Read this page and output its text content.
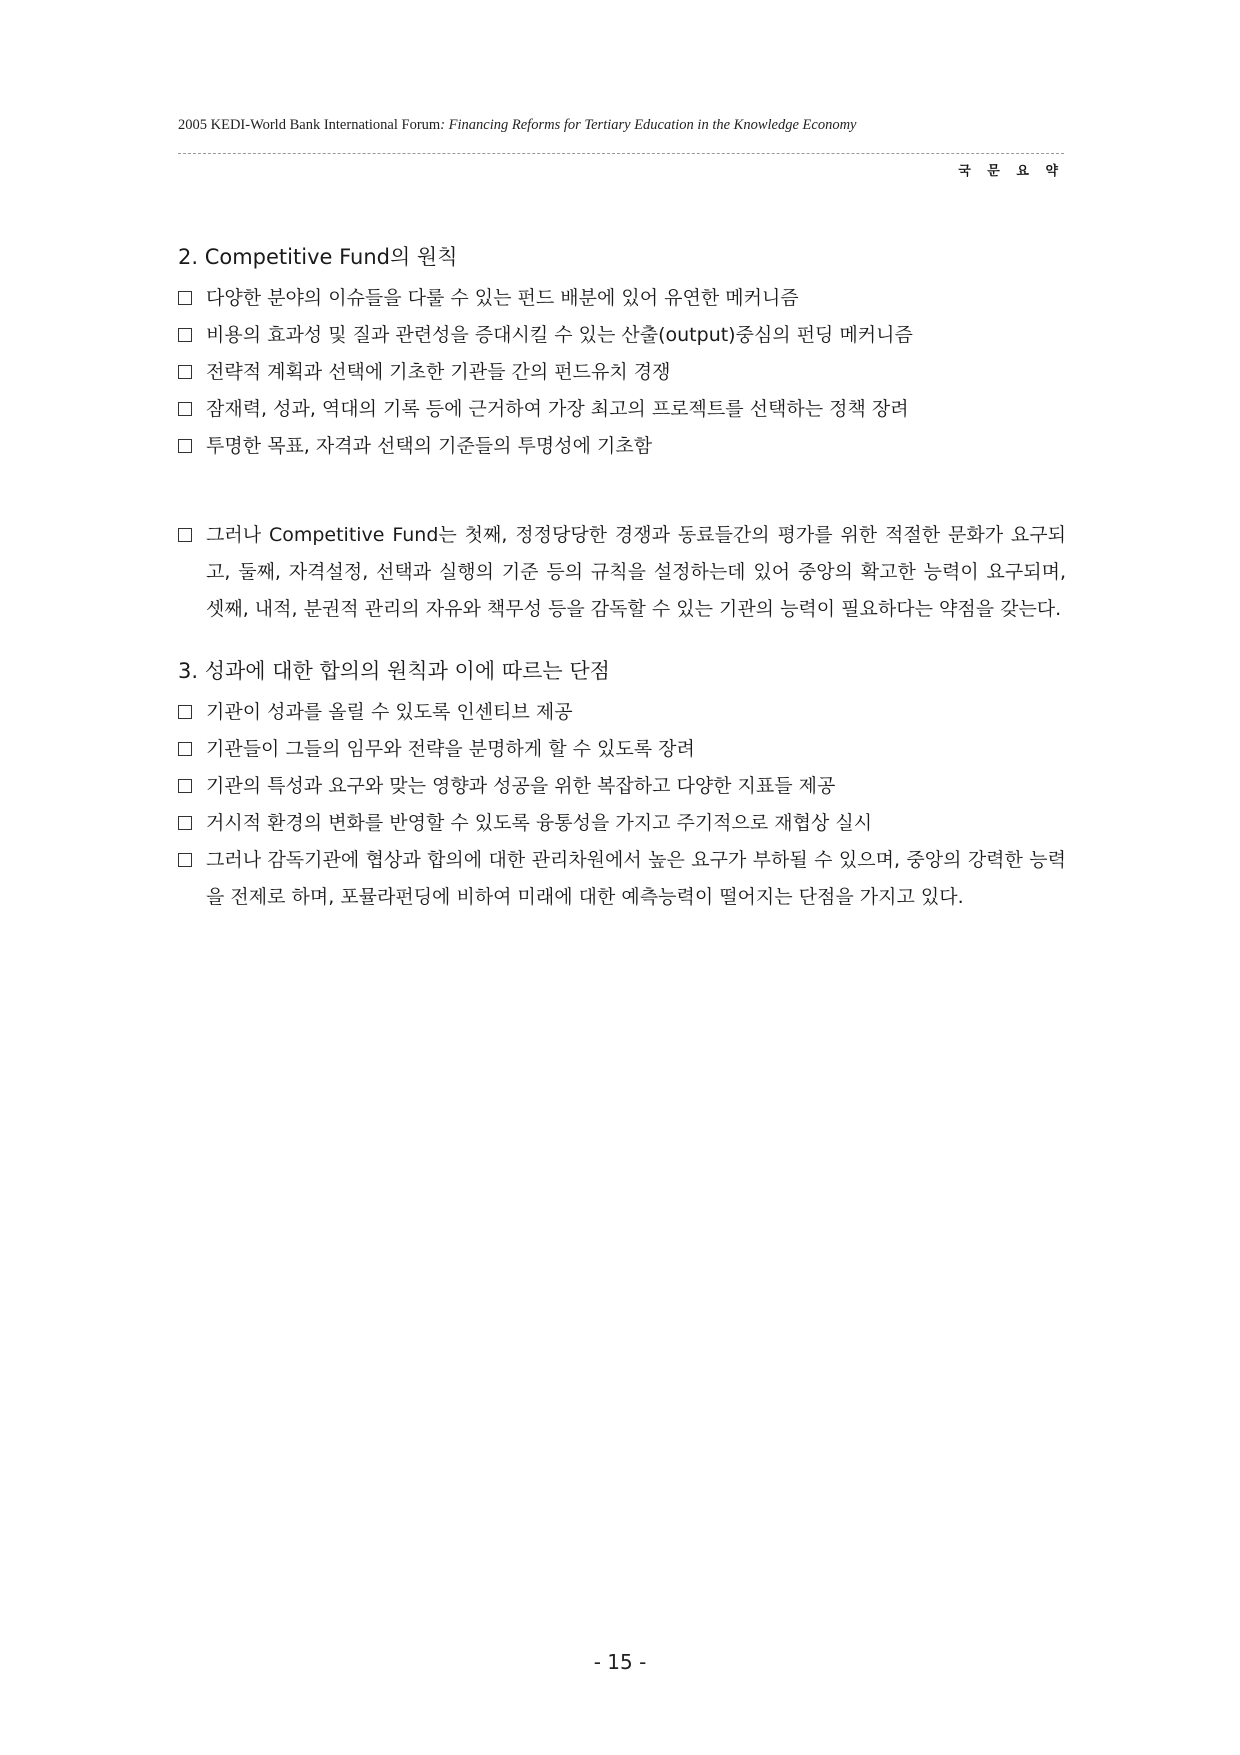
2005 KEDI-World Bank International Forum: Financing Reforms for Tertiary Education in the Knowledge Economy
국 문 요 약
2. Competitive Fund의 원칙
다양한 분야의 이슈들을 다룰 수 있는 펀드 배분에 있어 유연한 메커니즘
비용의 효과성 및 질과 관련성을 증대시킬 수 있는 산출(output)중심의 펀딩 메커니즘
전략적 계획과 선택에 기초한 기관들 간의 펀드유치 경쟁
잠재력, 성과, 역대의 기록 등에 근거하여 가장 최고의 프로젝트를 선택하는 정책 장려
투명한 목표, 자격과 선택의 기준들의 투명성에 기초함
그러나 Competitive Fund는 첫째, 정정당당한 경쟁과 동료들간의 평가를 위한 적절한 문화가 요구되고, 둘째, 자격설정, 선택과 실행의 기준 등의 규칙을 설정하는데 있어 중앙의 확고한 능력이 요구되며, 셋째, 내적, 분권적 관리의 자유와 책무성 등을 감독할 수 있는 기관의 능력이 필요하다는 약점을 갖는다.
3. 성과에 대한 합의의 원칙과 이에 따르는 단점
기관이 성과를 올릴 수 있도록 인센티브 제공
기관들이 그들의 임무와 전략을 분명하게 할 수 있도록 장려
기관의 특성과 요구와 맞는 영향과 성공을 위한 복잡하고 다양한 지표들 제공
거시적 환경의 변화를 반영할 수 있도록 융통성을 가지고 주기적으로 재협상 실시
그러나 감독기관에 협상과 합의에 대한 관리차원에서 높은 요구가 부하될 수 있으며, 중앙의 강력한 능력을 전제로 하며, 포뮬라펀딩에 비하여 미래에 대한 예측능력이 떨어지는 단점을 가지고 있다.
- 15 -
